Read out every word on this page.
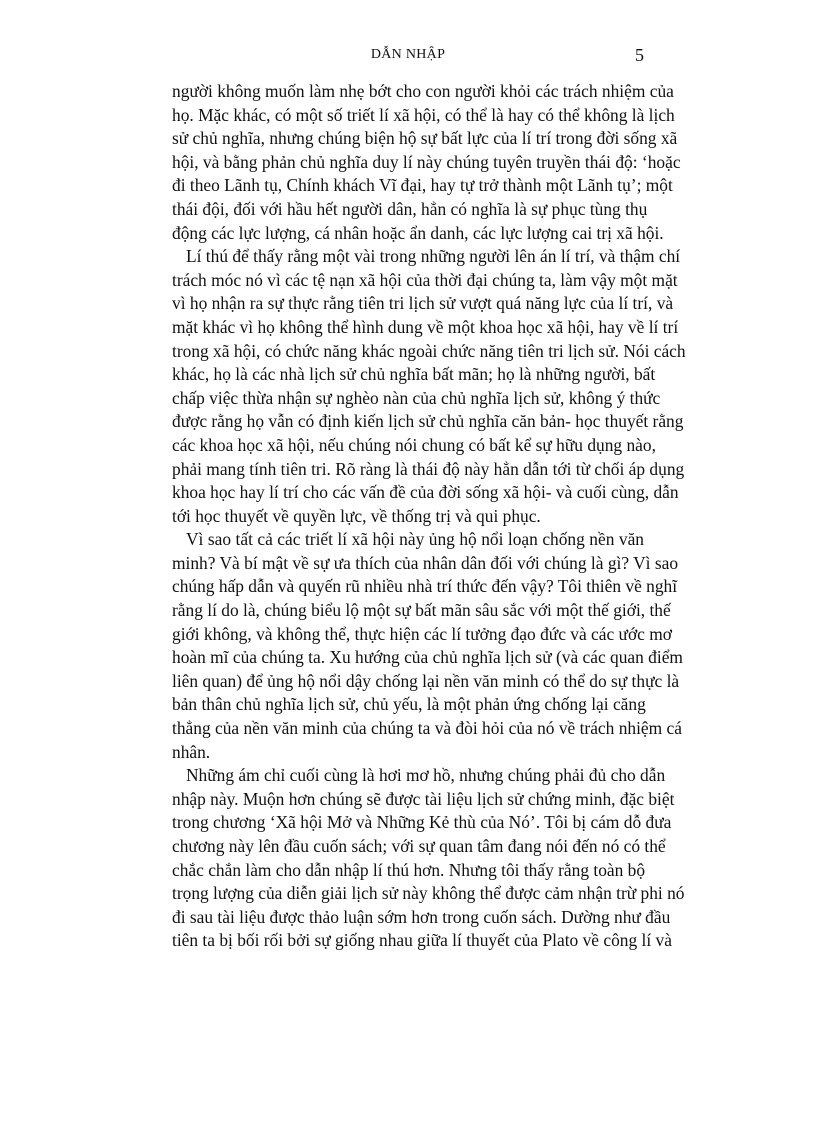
DẪN NHẬP	5
người không muốn làm nhẹ bớt cho con người khỏi các trách nhiệm của
họ. Mặc khác, có một số triết lí xã hội, có thể là hay có thể không là lịch
sử chủ nghĩa, nhưng chúng biện hộ sự bất lực của lí trí trong đời sống xã
hội, và bằng phản chủ nghĩa duy lí này chúng tuyên truyền thái độ: ‘hoặc
đi theo Lãnh tụ, Chính khách Vĩ đại, hay tự trở thành một Lãnh tụ’; một
thái đội, đối với hầu hết người dân, hẳn có nghĩa là sự phục tùng thụ
động các lực lượng, cá nhân hoặc ẩn danh, các lực lượng cai trị xã hội.
Lí thú để thấy rằng một vài trong những người lên án lí trí, và thậm chí
trách móc nó vì các tệ nạn xã hội của thời đại chúng ta, làm vậy một mặt
vì họ nhận ra sự thực rằng tiên tri lịch sử vượt quá năng lực của lí trí, và
mặt khác vì họ không thể hình dung về một khoa học xã hội, hay về lí trí
trong xã hội, có chức năng khác ngoài chức năng tiên tri lịch sử. Nói cách
khác, họ là các nhà lịch sử chủ nghĩa bất mãn; họ là những người, bất
chấp việc thừa nhận sự nghèo nàn của chủ nghĩa lịch sử, không ý thức
được rằng họ vẫn có định kiến lịch sử chủ nghĩa căn bản- học thuyết rằng
các khoa học xã hội, nếu chúng nói chung có bất kể sự hữu dụng nào,
phải mang tính tiên tri. Rõ ràng là thái độ này hẳn dẫn tới từ chối áp dụng
khoa học hay lí trí cho các vấn đề của đời sống xã hội- và cuối cùng, dẫn
tới học thuyết về quyền lực, về thống trị và qui phục.
Vì sao tất cả các triết lí xã hội này ủng hộ nổi loạn chống nền văn
minh? Và bí mật về sự ưa thích của nhân dân đối với chúng là gì? Vì sao
chúng hấp dẫn và quyến rũ nhiều nhà trí thức đến vậy? Tôi thiên về nghĩ
rằng lí do là, chúng biểu lộ một sự bất mãn sâu sắc với một thế giới, thế
giới không, và không thể, thực hiện các lí tưởng đạo đức và các ước mơ
hoàn mĩ của chúng ta. Xu hướng của chủ nghĩa lịch sử (và các quan điểm
liên quan) để ủng hộ nổi dậy chống lại nền văn minh có thể do sự thực là
bản thân chủ nghĩa lịch sử, chủ yếu, là một phản ứng chống lại căng
thẳng của nền văn minh của chúng ta và đòi hỏi của nó về trách nhiệm cá
nhân.
Những ám chỉ cuối cùng là hơi mơ hồ, nhưng chúng phải đủ cho dẫn
nhập này. Muộn hơn chúng sẽ được tài liệu lịch sử chứng minh, đặc biệt
trong chương ‘Xã hội Mở và Những Kẻ thù của Nó’. Tôi bị cám dỗ đưa
chương này lên đầu cuốn sách; với sự quan tâm đang nói đến nó có thể
chắc chắn làm cho dẫn nhập lí thú hơn. Nhưng tôi thấy rằng toàn bộ
trọng lượng của diễn giải lịch sử này không thể được cảm nhận trừ phi nó
đi sau tài liệu được thảo luận sớm hơn trong cuốn sách. Dường như đầu
tiên ta bị bối rối bởi sự giống nhau giữa lí thuyết của Plato về công lí và
